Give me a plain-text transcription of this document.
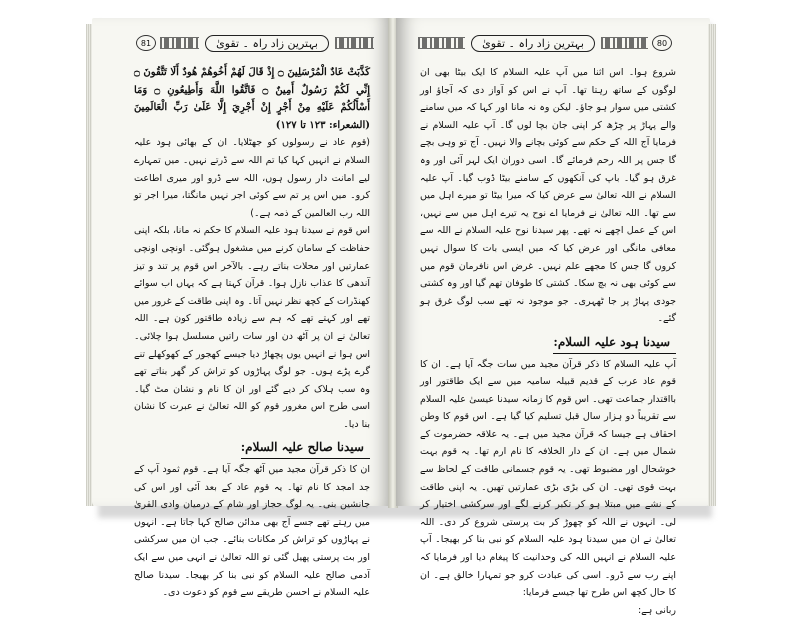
81	بہترین زاد راہ ۔ تقویٰ

كَذَّبَتْ عَادٌ الْمُرْسَلِينَ ۝ إِذْ قَالَ لَهُمْ أَخُوهُمْ هُودٌ أَلَا تَتَّقُونَ ۝ إِنِّي لَكُمْ رَسُولٌ أَمِينٌ ۝ فَاتَّقُوا اللَّهَ وَأَطِيعُونِ ۝ وَمَا أَسْأَلُكُمْ عَلَيْهِ مِنْ أَجْرٍ إِنْ أَجْرِيَ إِلَّا عَلَىٰ رَبِّ الْعَالَمِينَ (الشعراء: ۱۲۳ تا ۱۲۷)

(قوم عاد نے رسولوں کو جھٹلایا۔ ان کے بھائی ہود علیہ السلام نے انہیں کہا کیا تم اللہ سے ڈرتے نہیں۔ میں تمہارے لیے امانت دار رسول ہوں، اللہ سے ڈرو اور میری اطاعت کرو۔ میں اس پر تم سے کوئی اجر نہیں مانگتا، میرا اجر تو اللہ رب العالمین کے ذمہ ہے۔)

اس قوم نے سیدنا ہود علیہ السلام کا حکم نہ مانا، بلکہ اپنی حفاظت کے سامان کرنے میں مشغول ہوگئی۔ اونچی اونچی عمارتیں اور محلات بناتے رہے۔ بالآخر اس قوم پر تند و تیز آندھی کا عذاب نازل ہوا۔ قرآن کہتا ہے کہ یہاں اب سوائے کھنڈرات کے کچھ نظر نہیں آتا۔ وہ اپنی طاقت کے غرور میں تھے اور کہتے تھے کہ ہم سے زیادہ طاقتور کون ہے۔ اللہ تعالیٰ نے ان پر آٹھ دن اور سات راتیں مسلسل ہوا چلائی۔ اس ہوا نے انہیں یوں پچھاڑ دیا جیسے کھجور کے کھوکھلے تنے گرے پڑے ہوں۔ جو لوگ پہاڑوں کو تراش کر گھر بناتے تھے وہ سب ہلاک کر دیے گئے اور ان کا نام و نشان مٹ گیا۔ اسی طرح اس مغرور قوم کو اللہ تعالیٰ نے عبرت کا نشان بنا دیا۔

سیدنا صالح علیہ السلام:

ان کا ذکر قرآن مجید میں آٹھ جگہ آیا ہے۔ قوم ثمود آپ کے جد امجد کا نام تھا۔ یہ قوم عاد کے بعد آئی اور اس کی جانشین بنی۔ یہ لوگ حجاز اور شام کے درمیان وادی القریٰ میں رہتے تھے جسے آج بھی مدائن صالح کہا جاتا ہے۔ انہوں نے پہاڑوں کو تراش کر مکانات بنائے۔ جب ان میں سرکشی اور بت پرستی پھیل گئی تو اللہ تعالیٰ نے انہی میں سے ایک آدمی صالح علیہ السلام کو نبی بنا کر بھیجا۔ سیدنا صالح علیہ السلام نے احسن طریقے سے قوم کو دعوت دی۔

بہترین زاد راہ ۔ تقویٰ	80

شروع ہوا۔ اس اثنا میں آپ علیہ السلام کا ایک بیٹا بھی ان لوگوں کے ساتھ رہتا تھا۔ آپ نے اس کو آواز دی کہ آجاؤ اور کشتی میں سوار ہو جاؤ۔ لیکن وہ نہ مانا اور کہا کہ میں سامنے والے پہاڑ پر چڑھ کر اپنی جان بچا لوں گا۔ آپ علیہ السلام نے فرمایا آج اللہ کے حکم سے کوئی بچانے والا نہیں۔ آج تو وہی بچے گا جس پر اللہ رحم فرمائے گا۔ اسی دوران ایک لہر آئی اور وہ غرق ہو گیا۔ باپ کی آنکھوں کے سامنے بیٹا ڈوب گیا۔ آپ علیہ السلام نے اللہ تعالیٰ سے عرض کیا کہ میرا بیٹا تو میرے اہل میں سے تھا۔ اللہ تعالیٰ نے فرمایا اے نوح یہ تیرے اہل میں سے نہیں، اس کے عمل اچھے نہ تھے۔ پھر سیدنا نوح علیہ السلام نے اللہ سے معافی مانگی اور عرض کیا کہ میں ایسی بات کا سوال نہیں کروں گا جس کا مجھے علم نہیں۔ غرض اس نافرمان قوم میں سے کوئی بھی نہ بچ سکا۔ کشتی کا طوفان تھم گیا اور وہ کشتی جودی پہاڑ پر جا ٹھہری۔ جو موجود نہ تھے سب لوگ غرق ہو گئے۔

سیدنا ہود علیہ السلام:

آپ علیہ السلام کا ذکر قرآن مجید میں سات جگہ آیا ہے۔ ان کا قوم عاد عرب کے قدیم قبیلہ سامیہ میں سے ایک طاقتور اور بااقتدار جماعت تھی۔ اس قوم کا زمانہ سیدنا عیسیٰ علیہ السلام سے تقریباً دو ہزار سال قبل تسلیم کیا گیا ہے۔ اس قوم کا وطن احقاف ہے جیسا کہ قرآن مجید میں ہے۔ یہ علاقہ حضرموت کے شمال میں ہے۔ ان کے دار الخلافہ کا نام ارم تھا۔ یہ قوم بہت خوشحال اور مضبوط تھی۔ یہ قوم جسمانی طاقت کے لحاظ سے بہت قوی تھی۔ ان کی بڑی بڑی عمارتیں تھیں۔ یہ اپنی طاقت کے نشے میں مبتلا ہو کر تکبر کرنے لگے اور سرکشی اختیار کر لی۔ انہوں نے اللہ کو چھوڑ کر بت پرستی شروع کر دی۔ اللہ تعالیٰ نے ان میں سیدنا ہود علیہ السلام کو نبی بنا کر بھیجا۔ آپ علیہ السلام نے انہیں اللہ کی وحدانیت کا پیغام دیا اور فرمایا کہ اپنے رب سے ڈرو۔ اسی کی عبادت کرو جو تمہارا خالق ہے۔ ان کا حال کچھ اس طرح تھا جیسے فرمایا:

ربانی ہے:
